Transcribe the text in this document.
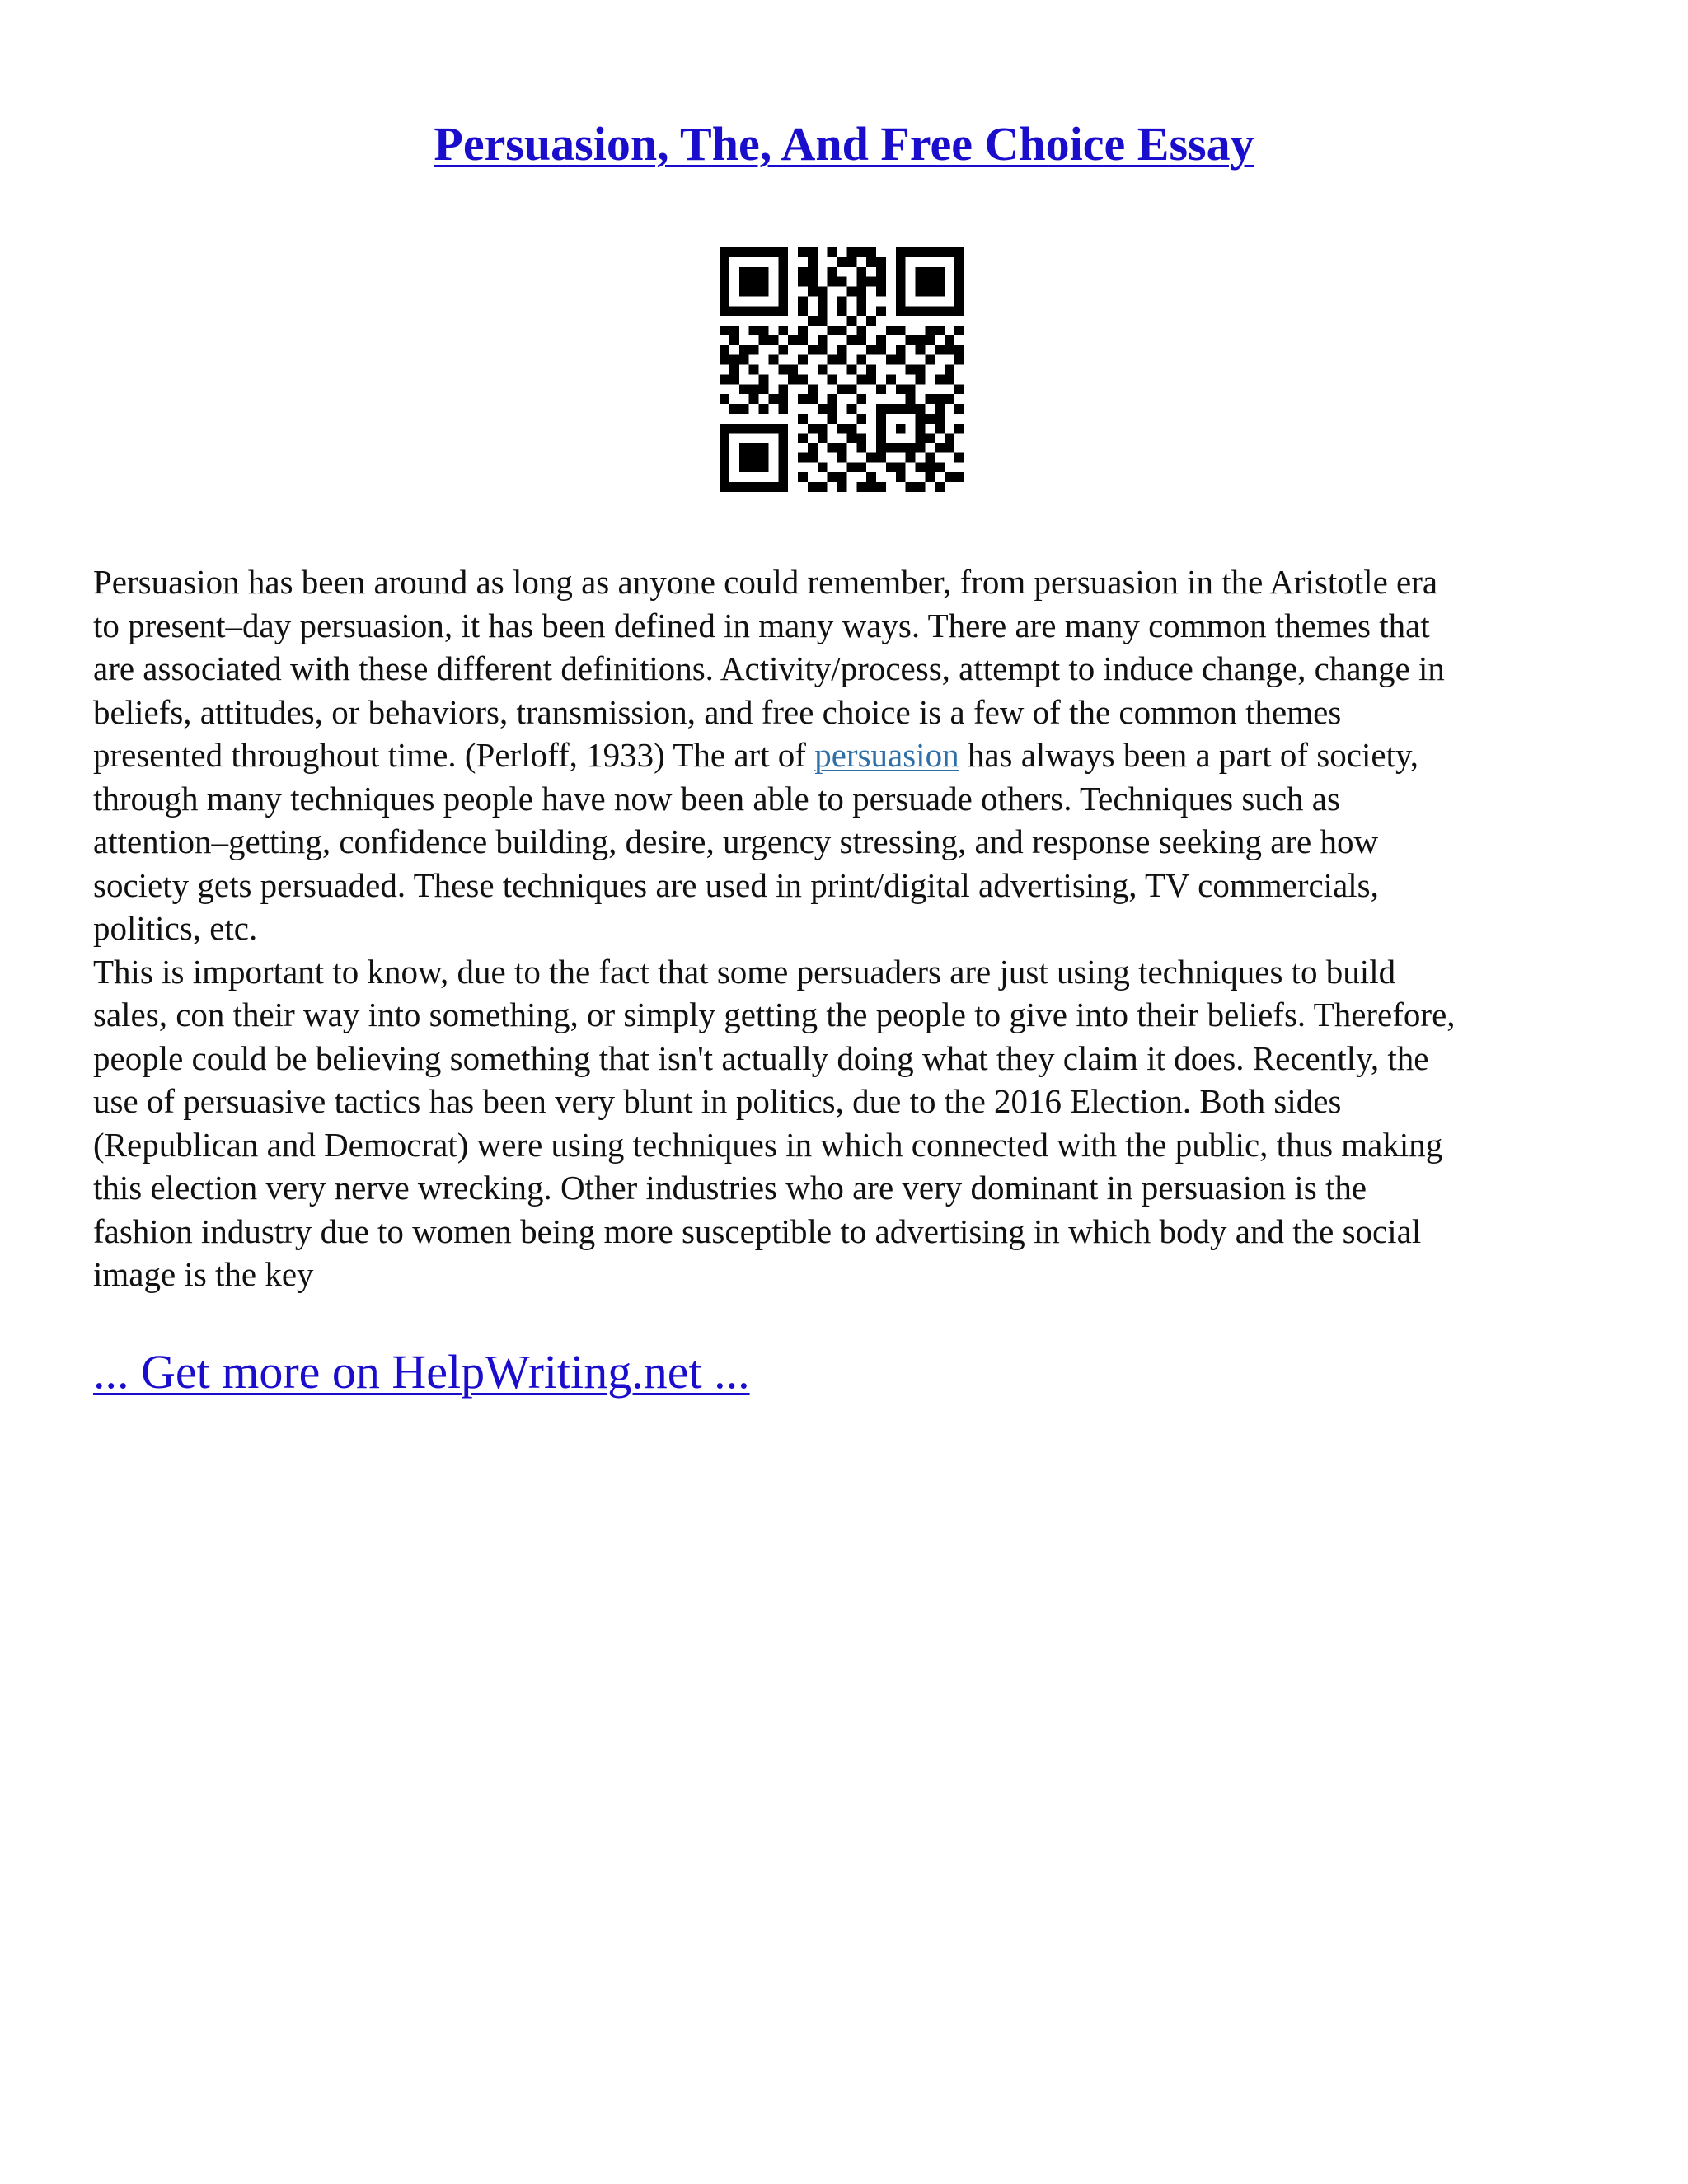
Persuasion, The, And Free Choice Essay

Persuasion has been around as long as anyone could remember, from persuasion in the Aristotle era

to present–day persuasion, it has been defined in many ways. There are many common themes that

are associated with these different definitions. Activity/process, attempt to induce change, change in

beliefs, attitudes, or behaviors, transmission, and free choice is a few of the common themes

presented throughout time. (Perloff, 1933) The art of persuasion has always been a part of society,

through many techniques people have now been able to persuade others. Techniques such as

attention–getting, confidence building, desire, urgency stressing, and response seeking are how

society gets persuaded. These techniques are used in print/digital advertising, TV commercials,

politics, etc.

This is important to know, due to the fact that some persuaders are just using techniques to build

sales, con their way into something, or simply getting the people to give into their beliefs. Therefore,

people could be believing something that isn't actually doing what they claim it does. Recently, the

use of persuasive tactics has been very blunt in politics, due to the 2016 Election. Both sides

(Republican and Democrat) were using techniques in which connected with the public, thus making

this election very nerve wrecking. Other industries who are very dominant in persuasion is the

fashion industry due to women being more susceptible to advertising in which body and the social

image is the key

... Get more on HelpWriting.net ...
